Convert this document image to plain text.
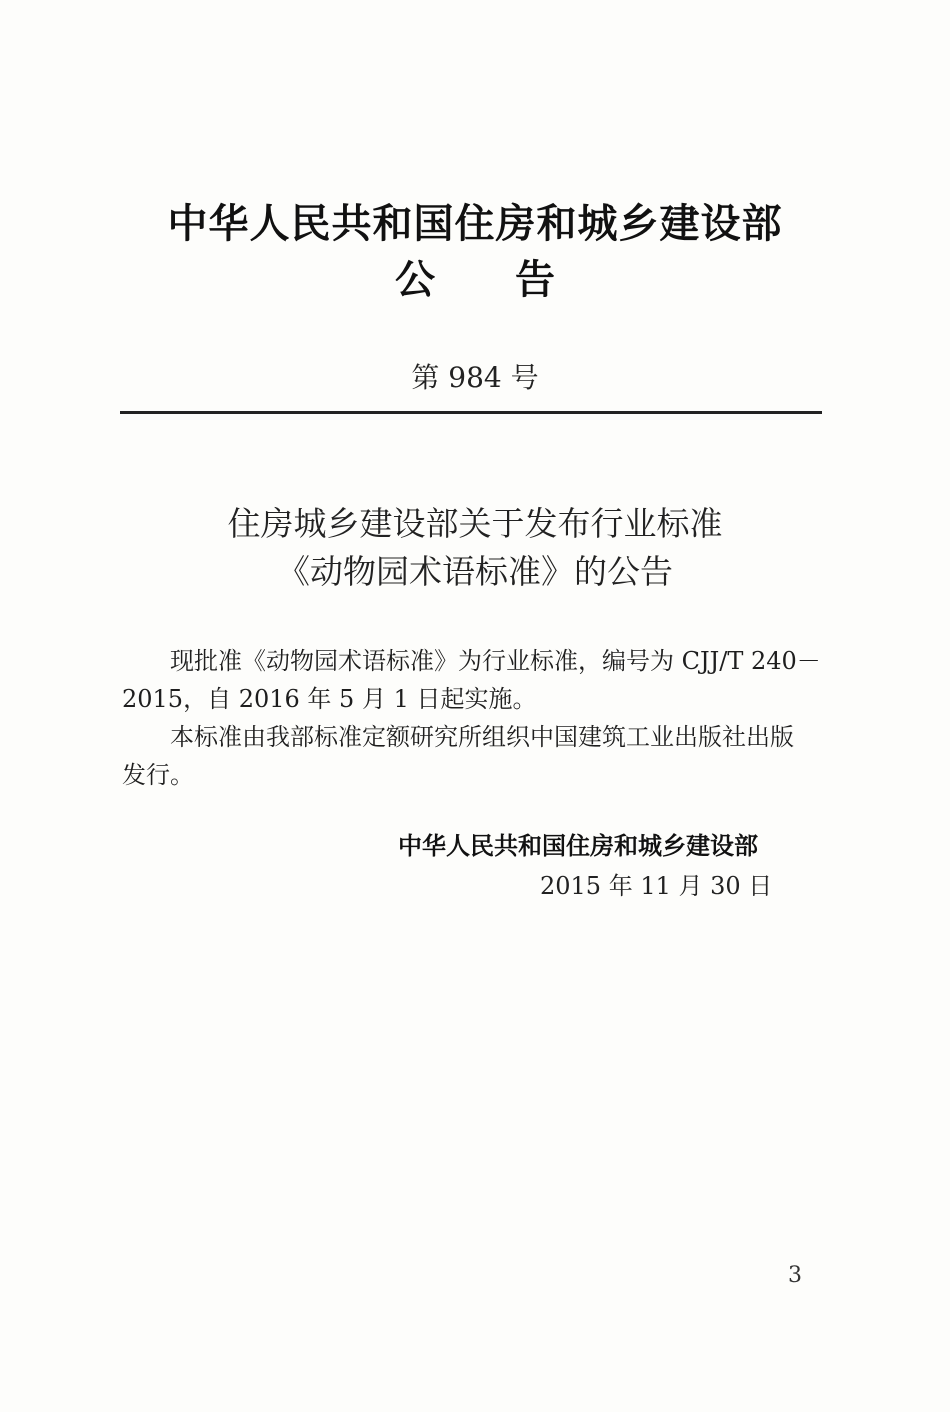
中华人民共和国住房和城乡建设部
公　　告
第 984 号
住房城乡建设部关于发布行业标准
《动物园术语标准》的公告
现批准《动物园术语标准》为行业标准，编号为 CJJ/T 240－
2015，自 2016 年 5 月 1 日起实施。
本标准由我部标准定额研究所组织中国建筑工业出版社出版
发行。
中华人民共和国住房和城乡建设部
2015 年 11 月 30 日
3
